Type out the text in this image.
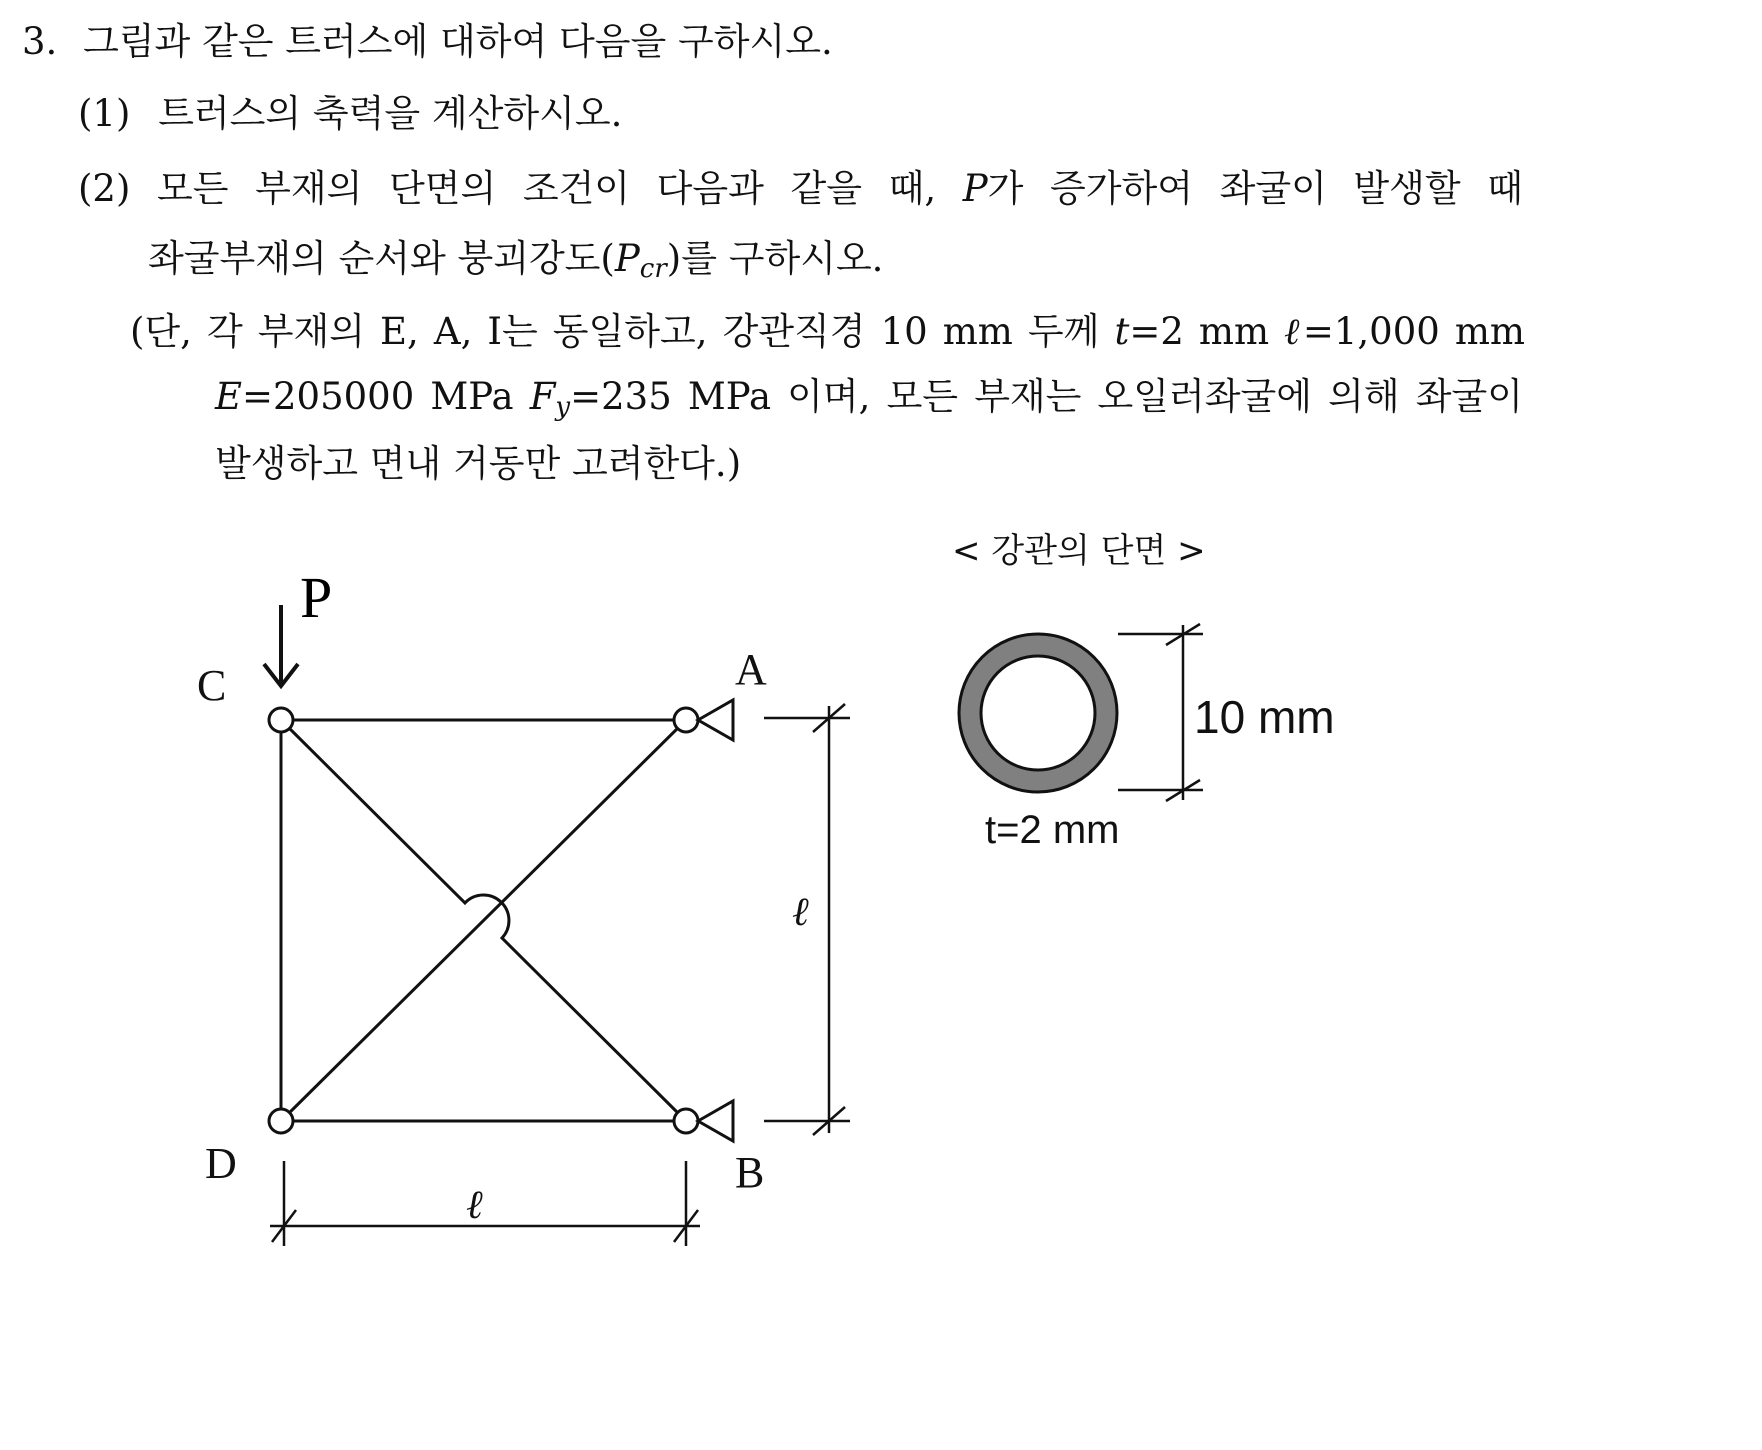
3. 그림과 같은 트러스에 대하여 다음을 구하시오.
(1) 트러스의 축력을 계산하시오.
(2) 모든 부재의 단면의 조건이 다음과 같을 때, P가 증가하여 좌굴이 발생할 때
좌굴부재의 순서와 붕괴강도$(P_{cr})$를 구하시오.
(단, 각 부재의 E, A, I는 동일하고, 강관직경 10 mm 두께 t=2 mm ℓ=1,000 mm
E=205000 MPa $F_y=235$ MPa 이며, 모든 부재는 오일러좌굴에 의해 좌굴이
발생하고 면내 거동만 고려한다.)
P
C	A
D	B
ℓ
ℓ
< 강관의 단면 >
10 mm
t=2 mm
